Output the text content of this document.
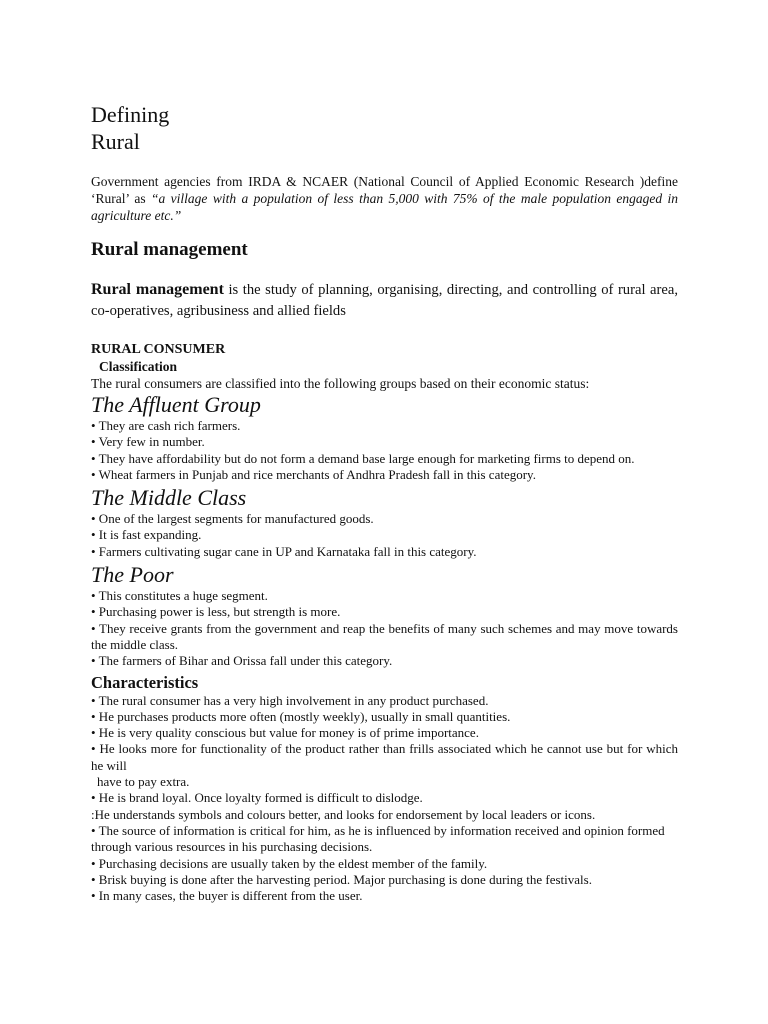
Defining
Rural

Government agencies from IRDA & NCAER (National Council of Applied Economic Research )define ‘Rural’ as “a village with a population of less than 5,000 with 75% of the male population engaged in agriculture etc.”

Rural management

Rural management is the study of planning, organising, directing, and controlling of rural area, co-operatives, agribusiness and allied fields

RURAL CONSUMER
Classification

The rural consumers are classified into the following groups based on their economic status:

The Affluent Group

• They are cash rich farmers.

• Very few in number.

• They have affordability but do not form a demand base large enough for marketing firms to depend on.

• Wheat farmers in Punjab and rice merchants of Andhra Pradesh fall in this category.

The Middle Class

• One of the largest segments for manufactured goods.

• It is fast expanding.

• Farmers cultivating sugar cane in UP and Karnataka fall in this category.

The Poor

• This constitutes a huge segment.

• Purchasing power is less, but strength is more.

• They receive grants from the government and reap the benefits of many such schemes and may move towards the middle class.

• The farmers of Bihar and Orissa fall under this category.

Characteristics

• The rural consumer has a very high involvement in any product purchased.

• He purchases products more often (mostly weekly), usually in small quantities.

• He is very quality conscious but value for money is of prime importance.

• He looks more for functionality of the product rather than frills associated which he cannot use but for which he will

have to pay extra.

• He is brand loyal. Once loyalty formed is difficult to dislodge.

:He understands symbols and colours better, and looks for endorsement by local leaders or icons.

• The source of information is critical for him, as he is influenced by information received and opinion formed

through various resources in his purchasing decisions.

• Purchasing decisions are usually taken by the eldest member of the family.

• Brisk buying is done after the harvesting period. Major purchasing is done during the festivals.

• In many cases, the buyer is different from the user.
